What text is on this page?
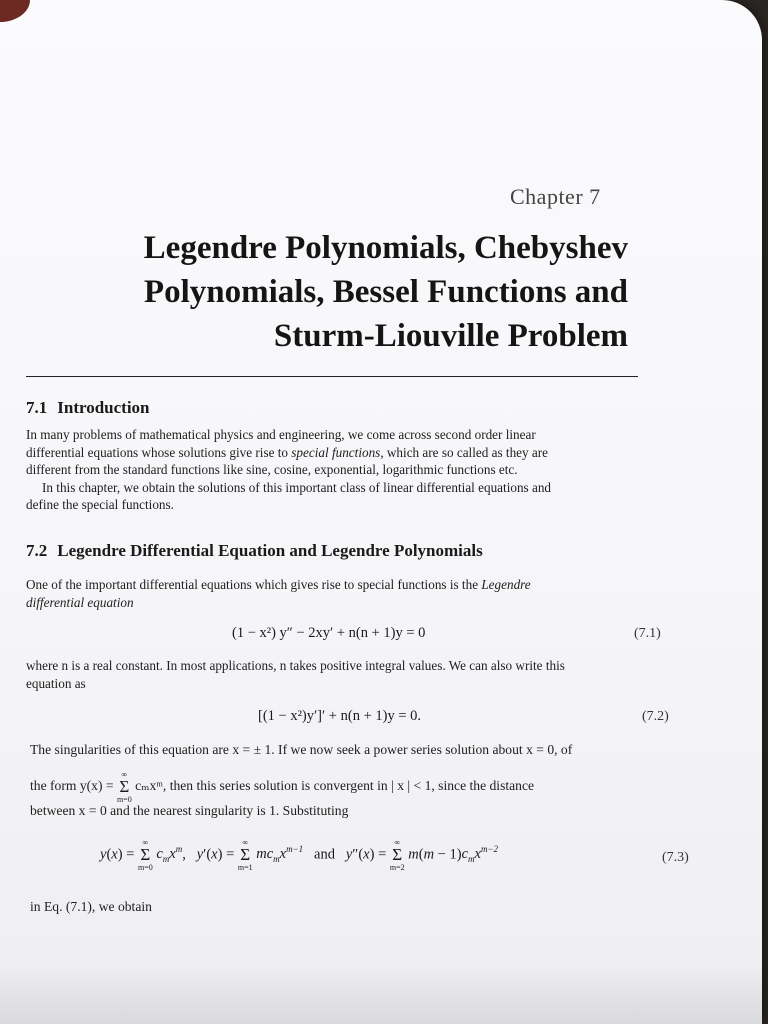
Chapter 7
Legendre Polynomials, Chebyshev
Polynomials, Bessel Functions and
Sturm-Liouville Problem
7.1 Introduction
In many problems of mathematical physics and engineering, we come across second order linear
differential equations whose solutions give rise to special functions, which are so called as they are
different from the standard functions like sine, cosine, exponential, logarithmic functions etc.
In this chapter, we obtain the solutions of this important class of linear differential equations and
define the special functions.
7.2 Legendre Differential Equation and Legendre Polynomials
One of the important differential equations which gives rise to special functions is the Legendre
differential equation
(1 − x²) y″ − 2xy′ + n(n + 1)y = 0	(7.1)
where n is a real constant. In most applications, n takes positive integral values. We can also write this
equation as
[(1 − x²)y′]′ + n(n + 1)y = 0.	(7.2)
The singularities of this equation are x = ± 1. If we now seek a power series solution about x = 0, of
the form y(x) =
∞
Σ
m=0
cₘxᵐ, then this series solution is convergent in | x | < 1, since the distance
between x = 0 and the nearest singularity is 1. Substituting
y(x) =
∞
Σ
m=0
$c_mx^m$,   y′(x) =
∞
Σ
m=1
$mc_mx^{m-1}$   and   y″(x) =
∞
Σ
m=2
$m(m - 1)c_mx^{m-2}$
(7.3)
in Eq. (7.1), we obtain
